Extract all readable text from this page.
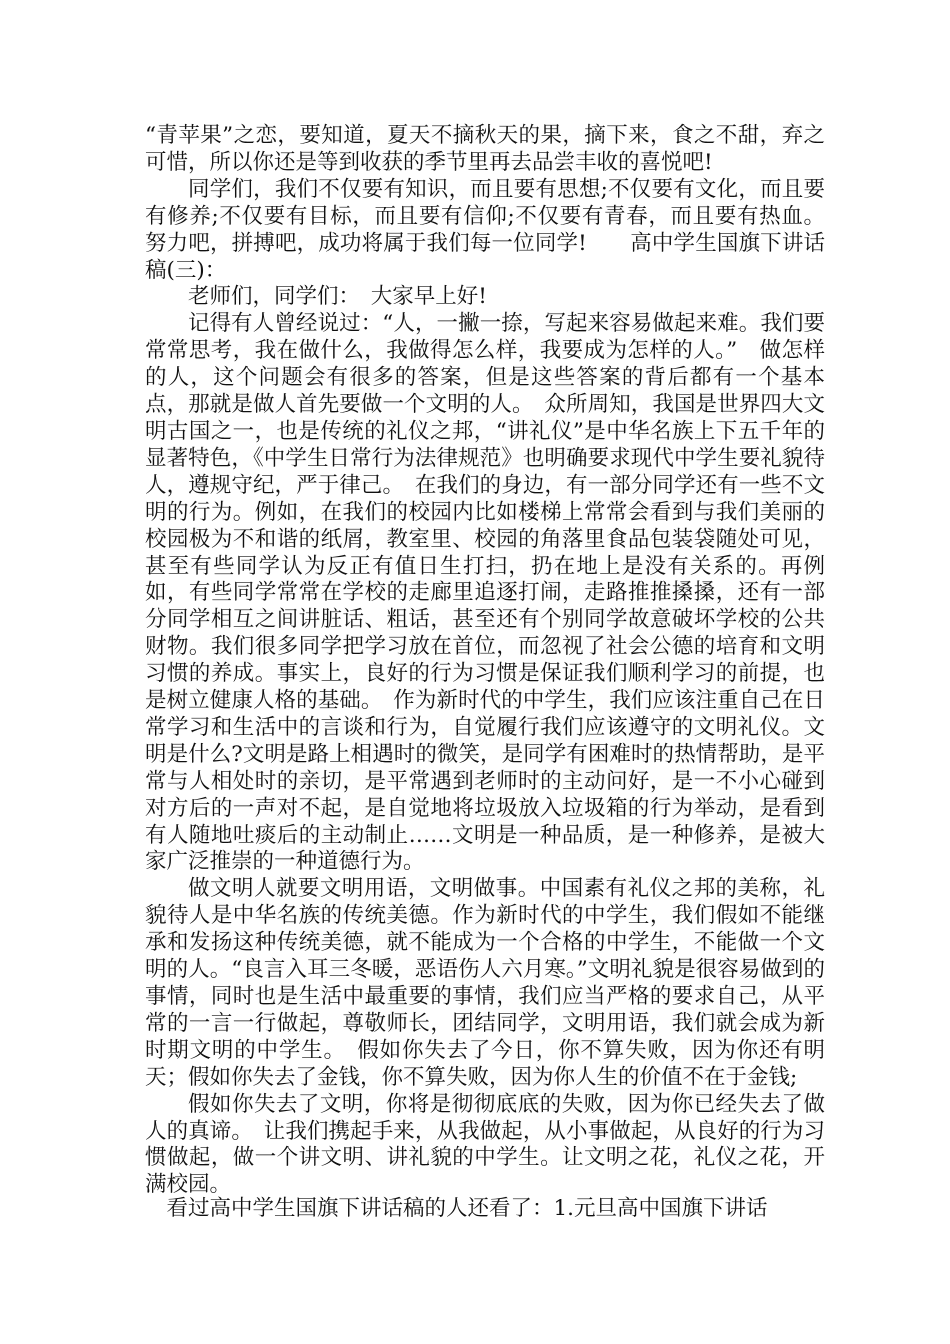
“青苹果”之恋，要知道，夏天不摘秋天的果，摘下来，食之不甜，弃之可惜，所以你还是等到收获的季节里再去品尝丰收的喜悦吧!

同学们，我们不仅要有知识，而且要有思想;不仅要有文化，而且要有修养;不仅要有目标，而且要有信仰;不仅要有青春，而且要有热血。努力吧，拼搏吧，成功将属于我们每一位同学!　　高中学生国旗下讲话稿(三)：

老师们，同学们：　大家早上好!

记得有人曾经说过：“人，一撇一捺，写起来容易做起来难。我们要常常思考，我在做什么，我做得怎么样，我要成为怎样的人。”　做怎样的人，这个问题会有很多的答案，但是这些答案的背后都有一个基本点，那就是做人首先要做一个文明的人。　众所周知，我国是世界四大文明古国之一，也是传统的礼仪之邦，“讲礼仪”是中华名族上下五千年的显著特色，《中学生日常行为法律规范》也明确要求现代中学生要礼貌待人，遵规守纪，严于律己。　在我们的身边，有一部分同学还有一些不文明的行为。例如，在我们的校园内比如楼梯上常常会看到与我们美丽的校园极为不和谐的纸屑，教室里、校园的角落里食品包装袋随处可见，甚至有些同学认为反正有值日生打扫，扔在地上是没有关系的。再例如，有些同学常常在学校的走廊里追逐打闹，走路推推搡搡，还有一部分同学相互之间讲脏话、粗话，甚至还有个别同学故意破坏学校的公共财物。我们很多同学把学习放在首位，而忽视了社会公德的培育和文明习惯的养成。事实上，良好的行为习惯是保证我们顺利学习的前提，也是树立健康人格的基础。　作为新时代的中学生，我们应该注重自己在日常学习和生活中的言谈和行为，自觉履行我们应该遵守的文明礼仪。文明是什么?文明是路上相遇时的微笑，是同学有困难时的热情帮助，是平常与人相处时的亲切，是平常遇到老师时的主动问好，是一不小心碰到对方后的一声对不起，是自觉地将垃圾放入垃圾箱的行为举动，是看到有人随地吐痰后的主动制止……文明是一种品质，是一种修养，是被大家广泛推崇的一种道德行为。

做文明人就要文明用语，文明做事。中国素有礼仪之邦的美称，礼貌待人是中华名族的传统美德。作为新时代的中学生，我们假如不能继承和发扬这种传统美德，就不能成为一个合格的中学生，不能做一个文明的人。“良言入耳三冬暖，恶语伤人六月寒。”文明礼貌是很容易做到的事情，同时也是生活中最重要的事情，我们应当严格的要求自己，从平常的一言一行做起，尊敬师长，团结同学，文明用语，我们就会成为新时期文明的中学生。　假如你失去了今日，你不算失败，因为你还有明天；假如你失去了金钱，你不算失败，因为你人生的价值不在于金钱;

假如你失去了文明，你将是彻彻底底的失败，因为你已经失去了做人的真谛。　让我们携起手来，从我做起，从小事做起，从良好的行为习惯做起，做一个讲文明、讲礼貌的中学生。让文明之花，礼仪之花，开满校园。

看过高中学生国旗下讲话稿的人还看了：1.元旦高中国旗下讲话
